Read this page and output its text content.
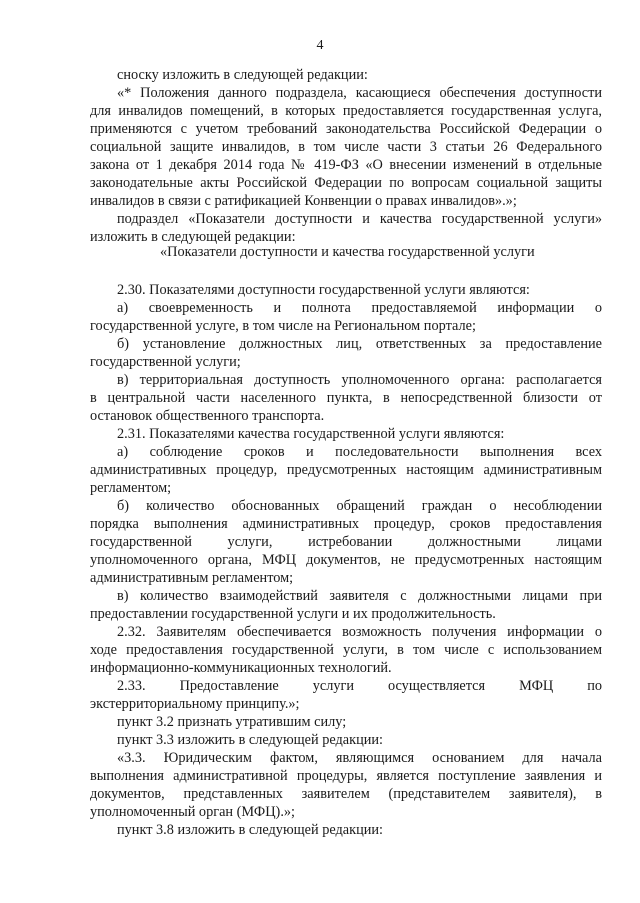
4
сноску изложить в следующей редакции:
«* Положения данного подраздела, касающиеся обеспечения доступности
для инвалидов помещений, в которых предоставляется государственная услуга,
применяются с учетом требований законодательства Российской Федерации о
социальной защите инвалидов, в том числе части 3 статьи 26 Федерального
закона от 1 декабря 2014 года № 419-ФЗ «О внесении изменений в отдельные
законодательные акты Российской Федерации по вопросам социальной защиты
инвалидов в связи с ратификацией Конвенции о правах инвалидов».»;
подраздел «Показатели доступности и качества государственной услуги»
изложить в следующей редакции:
«Показатели доступности и качества государственной услуги
2.30. Показателями доступности государственной услуги являются:
а) своевременность и полнота предоставляемой информации о
государственной услуге, в том числе на Региональном портале;
б) установление должностных лиц, ответственных за предоставление
государственной услуги;
в) территориальная доступность уполномоченного органа: располагается
в центральной части населенного пункта, в непосредственной близости от
остановок общественного транспорта.
2.31. Показателями качества государственной услуги являются:
а) соблюдение сроков и последовательности выполнения всех
административных процедур, предусмотренных настоящим административным
регламентом;
б) количество обоснованных обращений граждан о несоблюдении
порядка выполнения административных процедур, сроков предоставления
государственной услуги, истребовании должностными лицами
уполномоченного органа, МФЦ документов, не предусмотренных настоящим
административным регламентом;
в) количество взаимодействий заявителя с должностными лицами при
предоставлении государственной услуги и их продолжительность.
2.32. Заявителям обеспечивается возможность получения информации о
ходе предоставления государственной услуги, в том числе с использованием
информационно-коммуникационных технологий.
2.33. Предоставление услуги осуществляется МФЦ по
экстерриториальному принципу.»;
пункт 3.2 признать утратившим силу;
пункт 3.3 изложить в следующей редакции:
«3.3. Юридическим фактом, являющимся основанием для начала
выполнения административной процедуры, является поступление заявления и
документов, представленных заявителем (представителем заявителя), в
уполномоченный орган (МФЦ).»;
пункт 3.8 изложить в следующей редакции:
